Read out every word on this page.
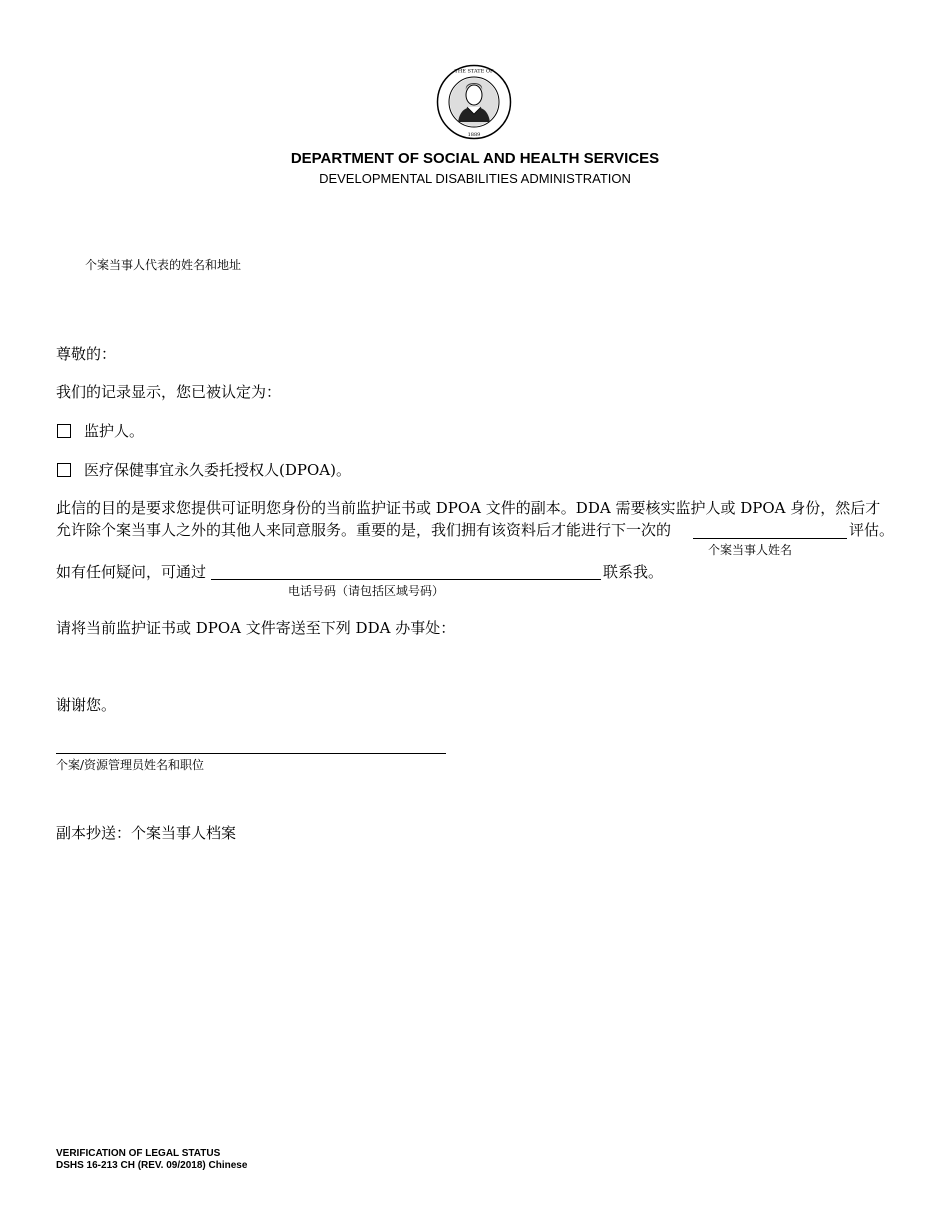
THE STATE OF
1889
DEPARTMENT OF SOCIAL AND HEALTH SERVICES
DEVELOPMENTAL DISABILITIES ADMINISTRATION
个案当事人代表的姓名和地址
尊敬的：
我们的记录显示，您已被认定为：
监护人。
医疗保健事宜永久委托授权人(DPOA)。
此信的目的是要求您提供可证明您身份的当前监护证书或 DPOA 文件的副本。DDA 需要核实监护人或 DPOA 身份，然后才
允许除个案当事人之外的其他人来同意服务。重要的是，我们拥有该资料后才能进行下一次的	评估。
个案当事人姓名
如有任何疑问，可通过	联系我。
电话号码（请包括区域号码）
请将当前监护证书或 DPOA 文件寄送至下列 DDA 办事处：
谢谢您。
个案/资源管理员姓名和职位
副本抄送：个案当事人档案
VERIFICATION OF LEGAL STATUS
DSHS 16-213 CH (REV. 09/2018) Chinese
